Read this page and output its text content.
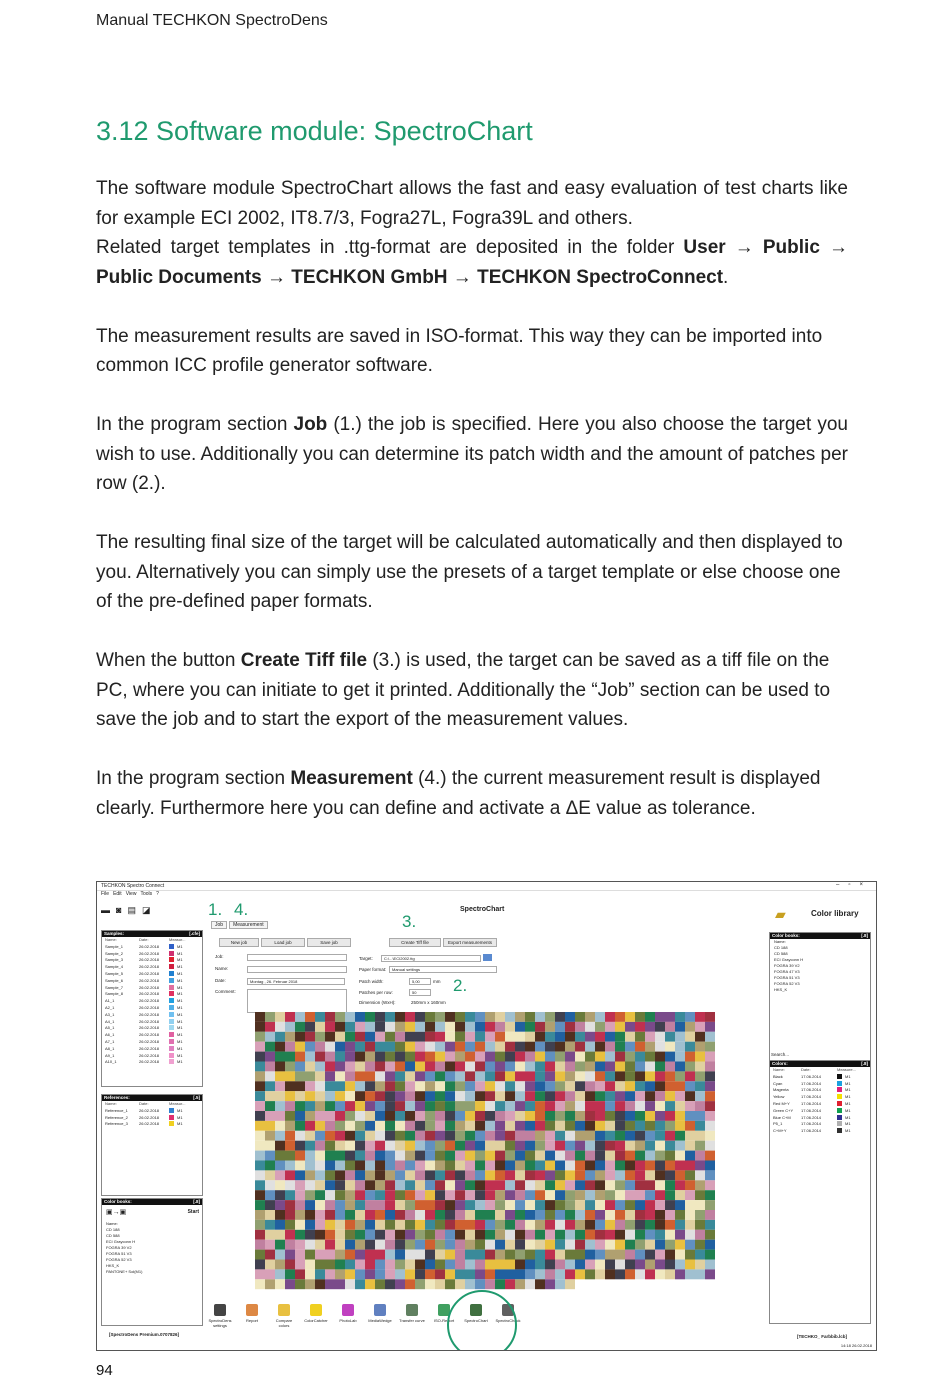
Manual TECHKON SpectroDens
3.12 Software module: SpectroChart

The software module SpectroChart allows the fast and easy evaluation of test charts like for example ECI 2002, IT8.7/3, Fogra27L, Fogra39L and others.
Related target templates in .ttg-format are deposited in the folder User → Public → Public Documents → TECHKON GmbH → TECHKON SpectroConnect.

The measurement results are saved in ISO-format. This way they can be imported into common ICC profile generator software.

In the program section Job (1.) the job is specified. Here you also choose the target you wish to use. Additionally you can determine its patch width and the amount of patches per row (2.).

The resulting final size of the target will be calculated automatically and then displayed to you. Alternatively you can simply use the presets of a target template or else choose one of the pre-defined paper formats.

When the button Create Tiff file (3.) is used, the target can be saved as a tiff file on the PC, where you can initiate to get it printed. Additionally the “Job” section can be used to save the job and to start the export of the measurement values.

In the program section Measurement (4.) the current measurement result is displayed clearly. Furthermore here you can define and activate a ΔE value as tolerance.

TECHKON Spectro Connect	–▫×
File Edit View Tools ?
▬ ◙ ▤ ◪
Samples:	[.cfe]
Name:	Date:	Measur...
Sample_1	26.02.2018	M1
Sample_2	26.02.2018	M1
Sample_3	26.02.2018	M1
Sample_4	26.02.2018	M1
Sample_5	26.02.2018	M1
Sample_6	26.02.2018	M1
Sample_7	26.02.2018	M1
Sample_8	26.02.2018	M1
A1_1	26.02.2018	M1
A2_1	26.02.2018	M1
A3_1	26.02.2018	M1
A4_1	26.02.2018	M1
A5_1	26.02.2018	M1
A6_1	26.02.2018	M1
A7_1	26.02.2018	M1
A8_1	26.02.2018	M1
A9_1	26.02.2018	M1
A10_1	26.02.2018	M1
References:	[.5]
Name:	Date:	Measur...
Reference_1	26.02.2018	M1
Reference_2	26.02.2018	M1
Reference_3	26.02.2018	M1
Color books:	[.8]
▣→▣	Start
Name:
CD 188
CD 588
ECI Grayconn H
FOGRA 39 V2
FOGRA 51 V3
FOGRA 52 V3
HKS_K
PANTONE+ Sol(M1)
[SpectroDens Premium.0707826]
SpectroChart
Job Measurement
New job	Load job	Save job	Create Tiff file	Export measurements
Job:
Name:
Date:	Montag , 26. Februar 2018
Comment:
Target:	C:\...\ECI2002.ttg
Paper format:	Manual settings
Patch width:	5,00	mm
Patches per row:	50
Dimension (WxH):	250mm x 160mm
1. 4.
3.
2.
▰	Color library
Color books:	[.8]
Name:
CD 188
CD 588
ECI Grayconn H
FOGRA 39 V2
FOGRA 47 V3
FOGRA 51 V3
FOGRA 52 V3
HKS_K
Search...
Colors:	[.8]
Name:	Date:	Measure...
Black	17.06.2014	M1
Cyan	17.06.2014	M1
Magenta	17.06.2014	M1
Yellow	17.06.2014	M1
Red M+Y	17.06.2014	M1
Green C+Y	17.06.2014	M1
Blue C+M	17.06.2014	M1
P5_1	17.06.2014	M1
C+M+Y	17.06.2014	M1
SpectroDens settings
Report	Compare colors
ColorCatcher	PhotoLab	MediaWedge	Transfer curve	ISO-Report	SpectroChart	SpectroCheck
[TECHKO_ Farbbib.lcb]
14:18 26.02.2018
94
